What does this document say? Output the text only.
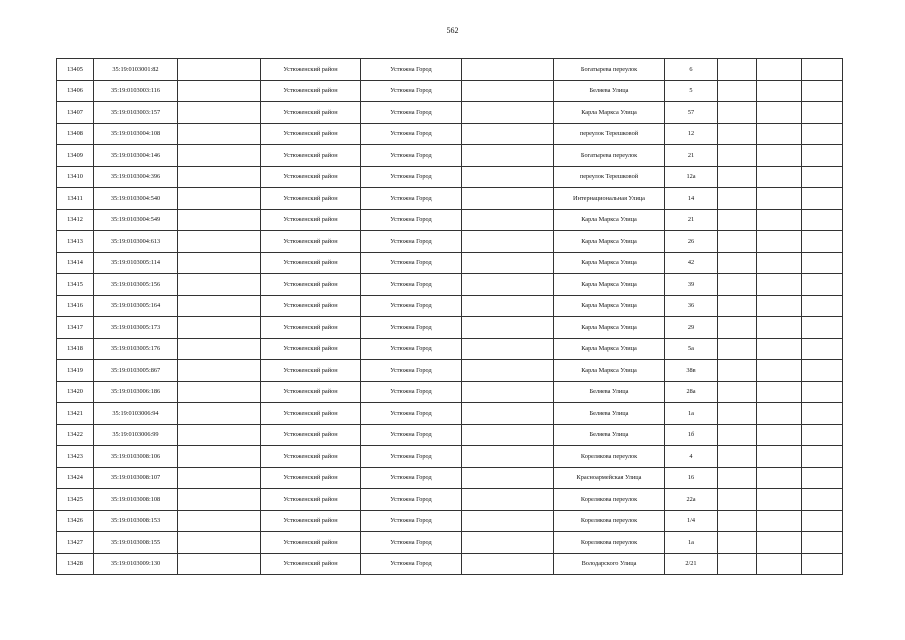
562
13405	35:19:0103001:82		Устюженский район	Устюжна Город		Богатырева переулок	6			
13406	35:19:0103003:116		Устюженский район	Устюжна Город		Беляева Улица	5			
13407	35:19:0103003:157		Устюженский район	Устюжна Город		Карла Маркса Улица	57			
13408	35:19:0103004:108		Устюженский район	Устюжна Город		переулок Терешковой	12			
13409	35:19:0103004:146		Устюженский район	Устюжна Город		Богатырева переулок	21			
13410	35:19:0103004:396		Устюженский район	Устюжна Город		переулок Терешковой	12а			
13411	35:19:0103004:540		Устюженский район	Устюжна Город		Интернациональная Улица	14			
13412	35:19:0103004:549		Устюженский район	Устюжна Город		Карла Маркса Улица	21			
13413	35:19:0103004:613		Устюженский район	Устюжна Город		Карла Маркса Улица	26			
13414	35:19:0103005:114		Устюженский район	Устюжна Город		Карла Маркса Улица	42			
13415	35:19:0103005:156		Устюженский район	Устюжна Город		Карла Маркса Улица	39			
13416	35:19:0103005:164		Устюженский район	Устюжна Город		Карла Маркса Улица	36			
13417	35:19:0103005:173		Устюженский район	Устюжна Город		Карла Маркса Улица	29			
13418	35:19:0103005:176		Устюженский район	Устюжна Город		Карла Маркса Улица	5а			
13419	35:19:0103005:867		Устюженский район	Устюжна Город		Карла Маркса Улица	38в			
13420	35:19:0103006:186		Устюженский район	Устюжна Город		Беляева Улица	28а			
13421	35:19:0103006:94		Устюженский район	Устюжна Город		Беляева Улица	1а			
13422	35:19:0103006:99		Устюженский район	Устюжна Город		Беляева Улица	1б			
13423	35:19:0103008:106		Устюженский район	Устюжна Город		Корелякова переулок	4			
13424	35:19:0103008:107		Устюженский район	Устюжна Город		Красноармейская Улица	16			
13425	35:19:0103008:108		Устюженский район	Устюжна Город		Корелякова переулок	22а			
13426	35:19:0103008:153		Устюженский район	Устюжна Город		Корелякова переулок	1/4			
13427	35:19:0103008:155		Устюженский район	Устюжна Город		Корелякова переулок	1а			
13428	35:19:0103009:130		Устюженский район	Устюжна Город		Володарского Улица	2/21			
